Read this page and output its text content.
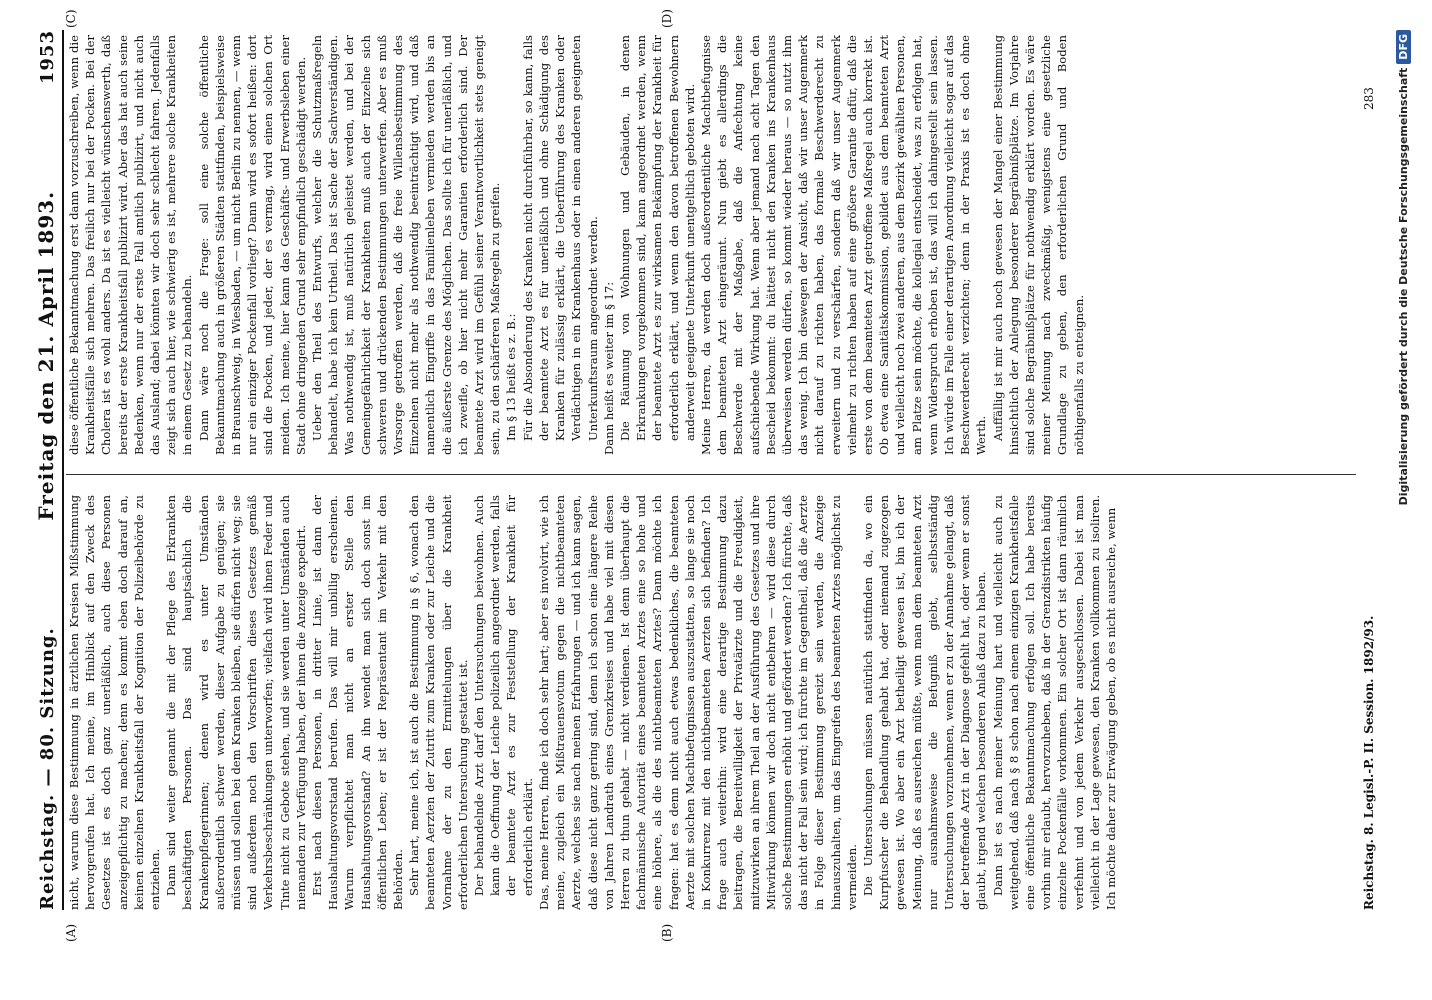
Reichstag. — 80. Sitzung.
Freitag den 21. April 1893.
1953
(A)	(B)
(C)	(D)

nicht, warum diese Bestimmung in ärztlichen Kreisen Mißstimmung hervorgerufen hat. Ich meine, im Hinblick auf den Zweck des Gesetzes ist es doch ganz unerläßlich, auch diese Personen anzeigepflichtig zu machen; denn es kommt eben doch darauf an, keinen einzelnen Krankheitsfall der Kognition der Polizeibehörde zu entziehen. Dann sind weiter genannt die mit der Pflege des Erkrankten beschäftigten Personen. Das sind hauptsächlich die Krankenpflegerinnen; denen wird es unter Umständen außerordentlich schwer werden, dieser Aufgabe zu genügen; sie müssen und sollen bei dem Kranken bleiben, sie dürfen nicht weg; sie sind außerdem noch den Vorschriften dieses Gesetzes gemäß Verkehrsbeschränkungen unterworfen; vielfach wird ihnen Feder und Tinte nicht zu Gebote stehen, und sie werden unter Umständen auch niemanden zur Verfügung haben, der ihnen die Anzeige expedirt. Erst nach diesen Personen, in dritter Linie, ist dann der Haushaltungsvorstand berufen. Das will mir unbillig erscheinen. Warum verpflichtet man nicht an erster Stelle den Haushaltungsvorstand? An ihn wendet man sich doch sonst im öffentlichen Leben; er ist der Repräsentant im Verkehr mit den Behörden. Sehr hart, meine ich, ist auch die Bestimmung in § 6, wonach den beamteten Aerzten der Zutritt zum Kranken oder zur Leiche und die Vornahme der zu den Ermittelungen über die Krankheit erforderlichen Untersuchung gestattet ist. Der behandelnde Arzt darf den Untersuchungen beiwohnen. Auch kann die Oeffnung der Leiche polizeilich angeordnet werden, falls der beamtete Arzt es zur Feststellung der Krankheit für erforderlich erklärt. Das, meine Herren, finde ich doch sehr hart; aber es involvirt, wie ich meine, zugleich ein Mißtrauensvotum gegen die nichtbeamteten Aerzte, welches sie nach meinen Erfahrungen — und ich kann sagen, daß diese nicht ganz gering sind, denn ich schon eine längere Reihe von Jahren Landrath eines Grenzkreises und habe viel mit diesen Herren zu thun gehabt — nicht verdienen. Ist denn überhaupt die fachmännische Autorität eines beamteten Arztes eine so hohe und eine höhere, als die des nichtbeamteten Arztes? Dann möchte ich fragen: hat es denn nicht auch etwas bedenkliches, die beamteten Aerzte mit solchen Machtbefugnissen auszustatten, so lange sie noch in Konkurrenz mit den nichtbeamteten Aerzten sich befinden? Ich frage auch weiterhin: wird eine derartige Bestimmung dazu beitragen, die Bereitwilligkeit der Privatärzte und die Freudigkeit, mitzuwirken an ihrem Theil an der Ausführung des Gesetzes und ihre Mitwirkung können wir doch nicht entbehren — wird diese durch solche Bestimmungen erhöht und gefördert werden? Ich fürchte, daß das nicht der Fall sein wird; ich fürchte im Gegentheil, daß die Aerzte in Folge dieser Bestimmung gereizt sein werden, die Anzeige hinauszuhalten, um das Eingreifen des beamteten Arztes möglichst zu vermeiden. Die Untersuchungen müssen natürlich stattfinden da, wo ein Kurpfuscher die Behandlung gehabt hat, oder niemand zugezogen gewesen ist. Wo aber ein Arzt betheiligt gewesen ist, bin ich der Meinung, daß es ausreichen müßte, wenn man dem beamteten Arzt nur ausnahmsweise die Befugniß giebt, selbstständig Untersuchungen vorzunehmen, wenn er zu der Annahme gelangt, daß der betreffende Arzt in der Diagnose gefehlt hat, oder wenn er sonst glaubt, irgend welchen besonderen Anlaß dazu zu haben. Dann ist es nach meiner Meinung hart und vielleicht auch zu weitgehend, daß nach § 8 schon nach einem einzigen Krankheitsfalle eine öffentliche Bekanntmachung erfolgen soll. Ich habe bereits vorhin mir erlaubt, hervorzuheben, daß in der Grenzdistrikten häufig einzelne Pockenfälle vorkommen. Ein solcher Ort ist dann räumlich verfehmt und von jedem Verkehr ausgeschlossen. Dabei ist man vielleicht in der Lage gewesen, den Kranken vollkommen zu isoliren. Ich möchte daher zur Erwägung geben, ob es nicht ausreiche, wenn

diese öffentliche Bekanntmachung erst dann vorzuschreiben, wenn die Krankheitsfälle sich mehren. Das freilich nur bei der Pocken. Bei der Cholera ist es wohl anders. Da ist es vielleicht wünschenswerth, daß bereits der erste Krankheitsfall publizirt wird. Aber das hat auch seine Bedenken, wenn nur der erste Fall amtlich publizirt, und nicht auch das Ausland; dabei könnten wir doch sehr schlecht fahren. Jedenfalls zeigt sich auch hier, wie schwierig es ist, mehrere solche Krankheiten in einem Gesetz zu behandeln. Dann wäre noch die Frage: soll eine solche öffentliche Bekanntmachung auch in größeren Städten stattfinden, beispielsweise in Braunschweig, in Wiesbaden, — um nicht Berlin zu nennen, — wenn nur ein einziger Pockenfall vorliegt? Dann wird es sofort heißen: dort sind die Pocken, und jeder, der es vermag, wird einen solchen Ort meiden. Ich meine, hier kann das Geschäfts- und Erwerbsleben einer Stadt ohne dringenden Grund sehr empfindlich geschädigt werden. Ueber den Theil des Entwurfs, welcher die Schutzmaßregeln behandelt, habe ich kein Urtheil. Das ist Sache der Sachverständigen. Was nothwendig ist, muß natürlich geleistet werden, und bei der Gemeingefährlichkeit der Krankheiten muß auch der Einzelne sich schweren und drückenden Bestimmungen unterwerfen. Aber es muß Vorsorge getroffen werden, daß die freie Willensbestimmung des Einzelnen nicht mehr als nothwendig beeinträchtigt wird, und daß namentlich Eingriffe in das Familienleben vermieden werden bis an die äußerste Grenze des Möglichen. Das sollte ich für unerläßlich, und ich zweifle, ob hier nicht mehr Garantien erforderlich sind. Der beamtete Arzt wird im Gefühl seiner Verantwortlichkeit stets geneigt sein, zu den schärferen Maßregeln zu greifen. Im § 13 heißt es z. B.: Für die Absonderung des Kranken nicht durchführbar, so kann, falls der beamtete Arzt es für unerläßlich und ohne Schädigung des Kranken für zulässig erklärt, die Ueberführung des Kranken oder Verdächtigen in ein Krankenhaus oder in einen anderen geeigneten Unterkunftsraum angeordnet werden. Dann heißt es weiter im § 17: Die Räumung von Wohnungen und Gebäuden, in denen Erkrankungen vorgekommen sind, kann angeordnet werden, wenn der beamtete Arzt es zur wirksamen Bekämpfung der Krankheit für erforderlich erklärt, und wenn den davon betroffenen Bewohnern anderweit geeignete Unterkunft unentgeltlich geboten wird. Meine Herren, da werden doch außerordentliche Machtbefugnisse dem beamteten Arzt eingeräumt. Nun giebt es allerdings die Beschwerde mit der Maßgabe, daß die Anfechtung keine aufschiebende Wirkung hat. Wenn aber jemand nach acht Tagen den Bescheid bekommt: du hättest nicht den Kranken ins Krankenhaus überweisen werden dürfen, so kommt wieder heraus — so nutzt ihm das wenig. Ich bin deswegen der Ansicht, daß wir unser Augenmerk nicht darauf zu richten haben, das formale Beschwerderecht zu erweitern und zu verschärfen, sondern daß wir unser Augenmerk vielmehr zu richten haben auf eine größere Garantie dafür, daß die erste von dem beamteten Arzt getroffene Maßregel auch korrekt ist. Ob etwa eine Sanitätskommission, gebildet aus dem beamteten Arzt und vielleicht noch zwei anderen, aus dem Bezirk gewählten Personen, am Platze sein möchte, die kollegial entscheidet, was zu erfolgen hat, wenn Widerspruch erhoben ist, das will ich dahingestellt sein lassen. Ich würde im Falle einer derartigen Anordnung vielleicht sogar auf das Beschwerderecht verzichten; denn in der Praxis ist es doch ohne Werth. Auffällig ist mir auch noch gewesen der Mangel einer Bestimmung hinsichtlich der Anlegung besonderer Begräbnißplätze. Im Vorjahre sind solche Begräbnißplätze für nothwendig erklärt worden. Es wäre meiner Meinung nach zweckmäßig, wenigstens eine gesetzliche Grundlage zu geben, den erforderlichen Grund und Boden nöthigenfalls zu enteignen.

Reichstag. 8. Legisl.-P. II. Session. 1892/93.
283 Digitalisierung gefördert durch die Deutsche Forschungsgemeinschaft
DFG
